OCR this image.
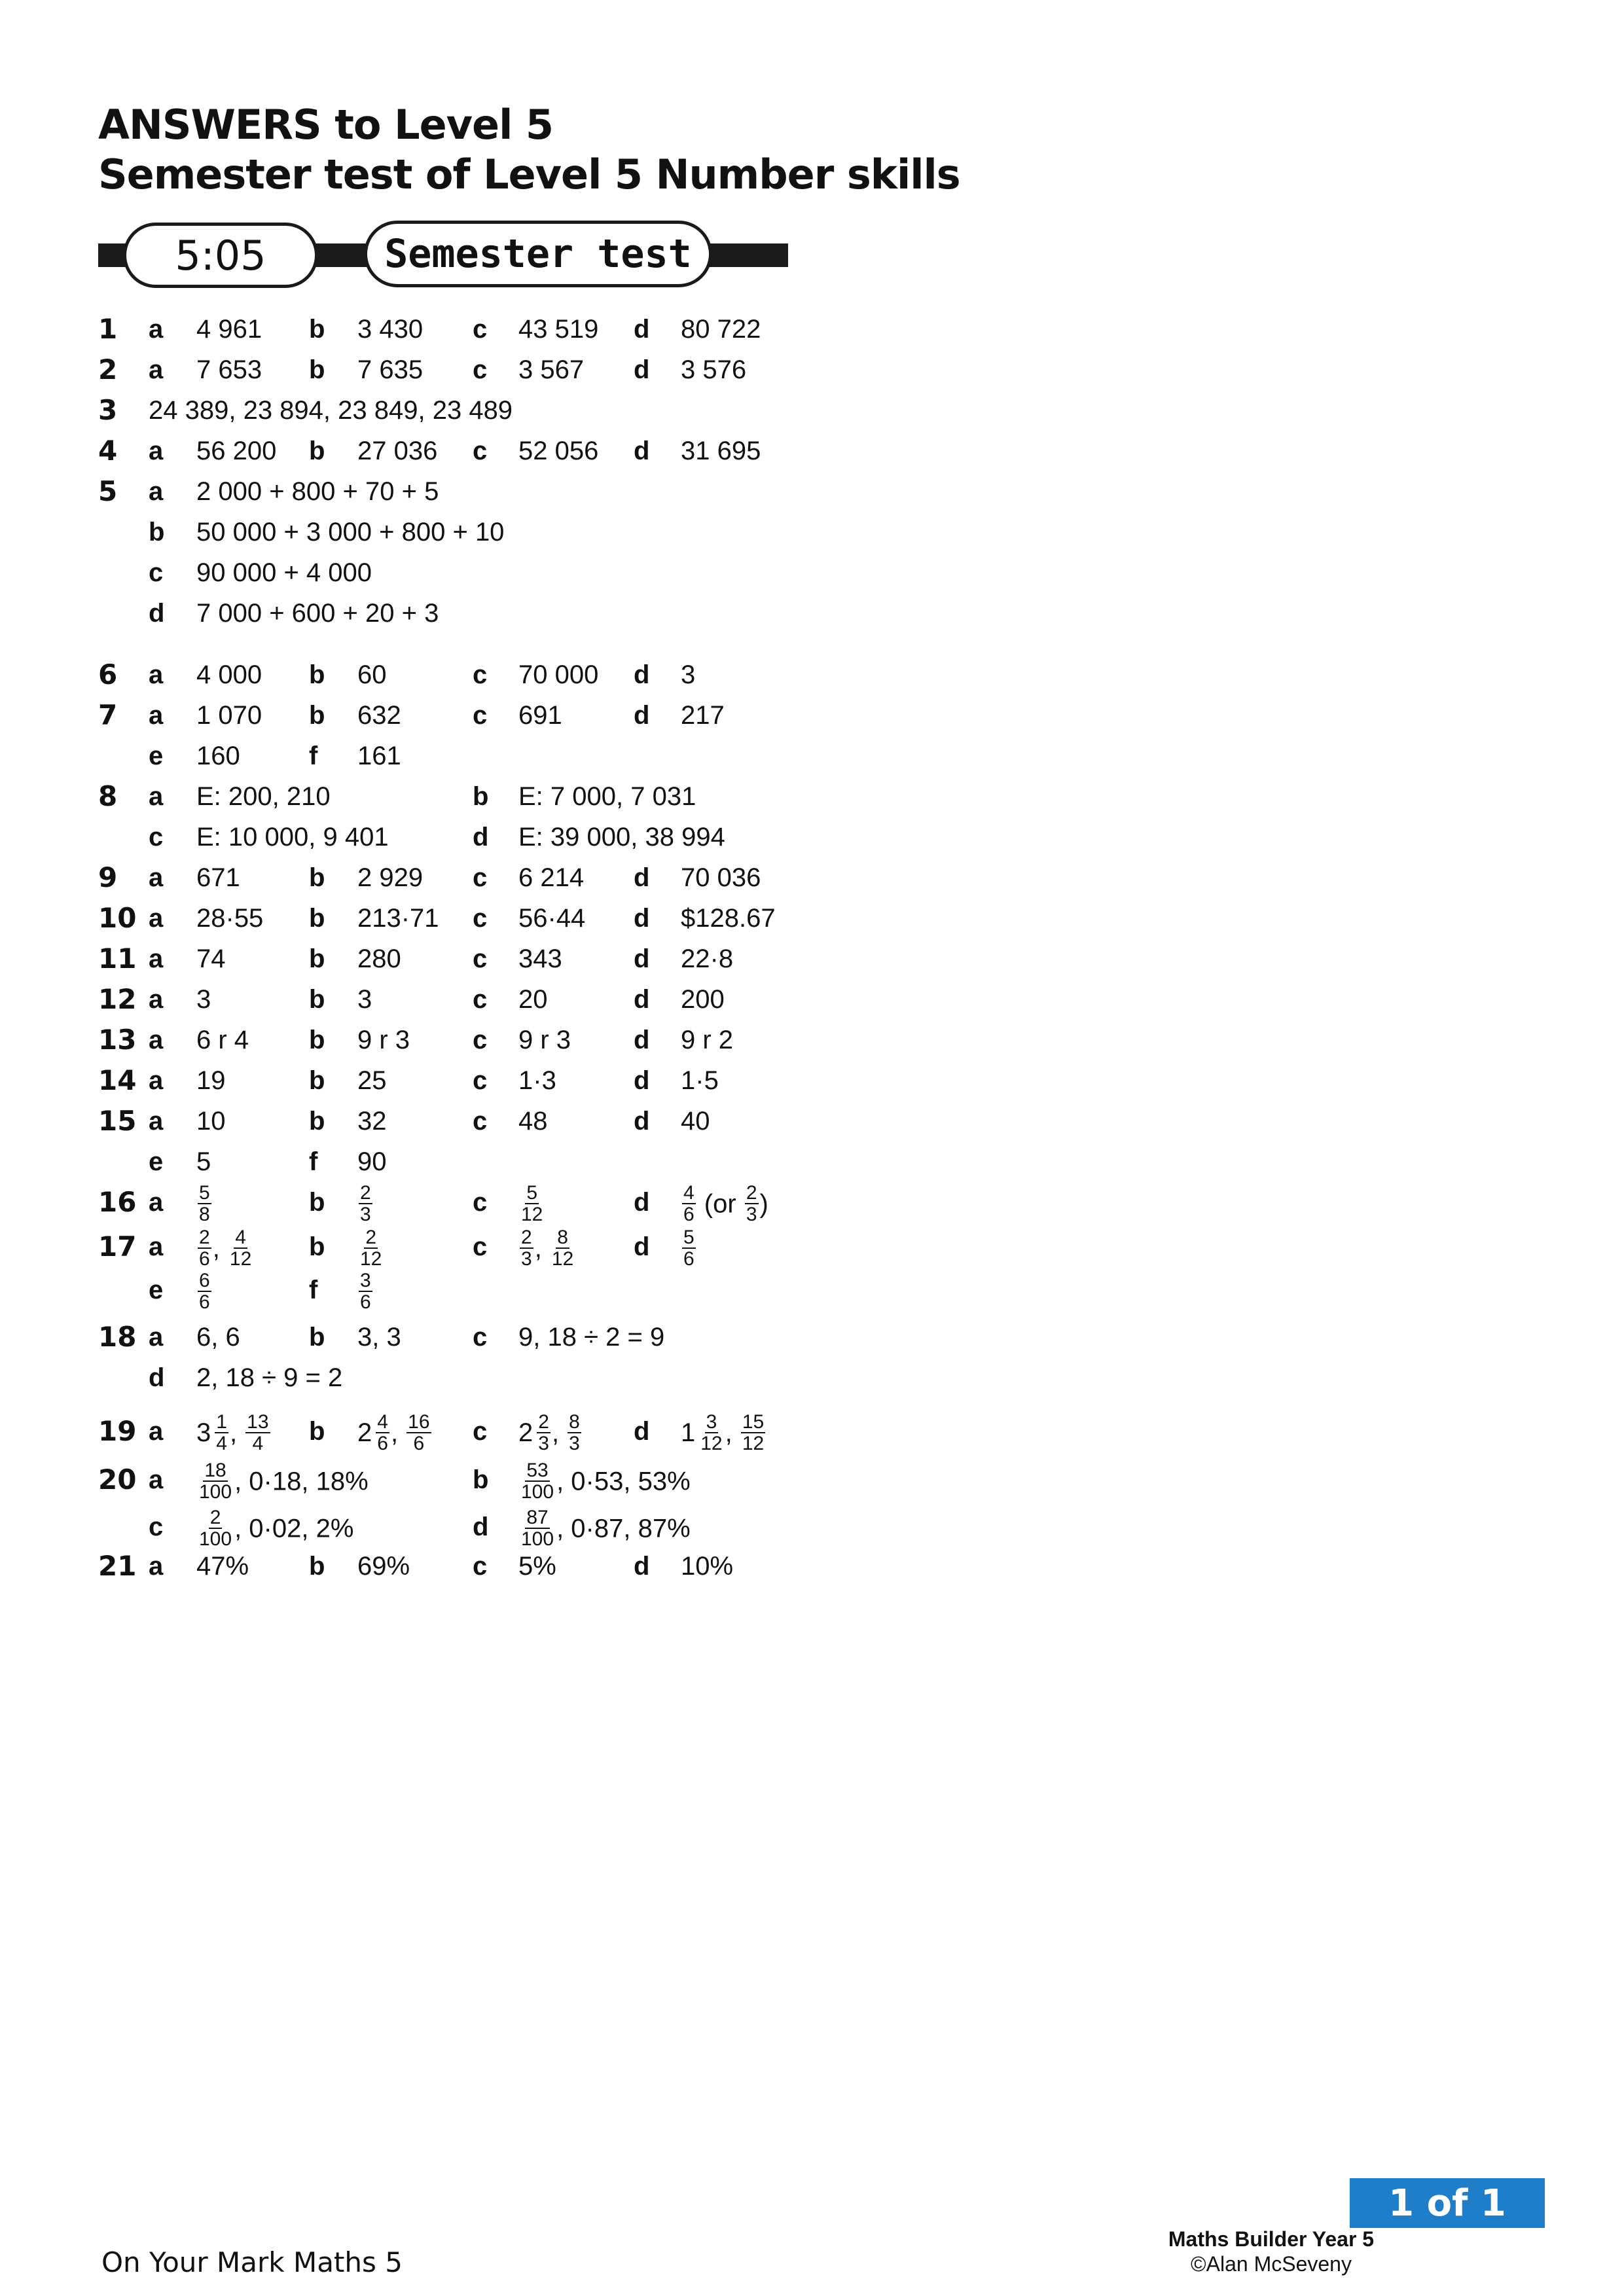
ANSWERS to Level 5
Semester test of Level 5 Number skills
5:05	Semester test
1 a 4 961 b 3 430 c 43 519 d 80 722
2 a 7 653 b 7 635 c 3 567 d 3 576
3 24 389, 23 894, 23 849, 23 489
4 a 56 200 b 27 036 c 52 056 d 31 695
5 a 2 000 + 800 + 70 + 5
b 50 000 + 3 000 + 800 + 10
c 90 000 + 4 000
d 7 000 + 600 + 20 + 3
6 a 4 000 b 60	c 70 000 d 3
7 a 1 070 b 632	c 691	d 217
e 160	f 161
8 a E: 200, 210	b E: 7 000, 7 031
c E: 10 000, 9 401	d E: 39 000, 38 994
9 a 671	b 2 929 c 6 214 d 70 036
10 a 28·55 b 213·71 c 56·44 d $128.67
11 a 74	b 280	c 343	d 22·8
12 a 3	b 3	c 20	d 200
13 a 6 r 4 b 9 r 3 c 9 r 3 d 9 r 2
14 a 19	b 25	c 1·3	d 1·5
15 a 10	b 32	c 48	d 40
e 5	f 90
16 a $\frac{5}{8}$	b $\frac{2}{3}$	c $\frac{5}{12}$	d $\frac{4}{6} (or \frac{2}{3}$ )
17 a $\frac{2}{6}$ , $\frac{4}{12}$ b $\frac{2}{12}$	c $\frac{2}{3}$ , $\frac{8}{12}$ d $\frac{5}{6}$
e $\frac{6}{6}$	f $\frac{3}{6}$
18 a 6, 6	b 3, 3	c 9, 18 ÷ 2 = 9
d 2, 18 ÷ 9 = 2
19 a $3 \frac{1}{4}$ , $\frac{13}{4}$ b $2 \frac{4}{6}$ , $\frac{16}{6}$ c $2 \frac{2}{3}$ , $\frac{8}{3}$ d $1 \frac{3}{12}$ , $\frac{15}{12}$
20 a $\frac{18}{100}$ , 0·18, 18%	b $\frac{53}{100}$ , 0·53, 53%
c $\frac{2}{100}$ , 0·02, 2%	d $\frac{87}{100}$ , 0·87, 87%
21 a 47% b 69% c 5%	d 10%
1 of 1
Maths Builder Year 5
©Alan McSeveny
On Your Mark Maths 5
